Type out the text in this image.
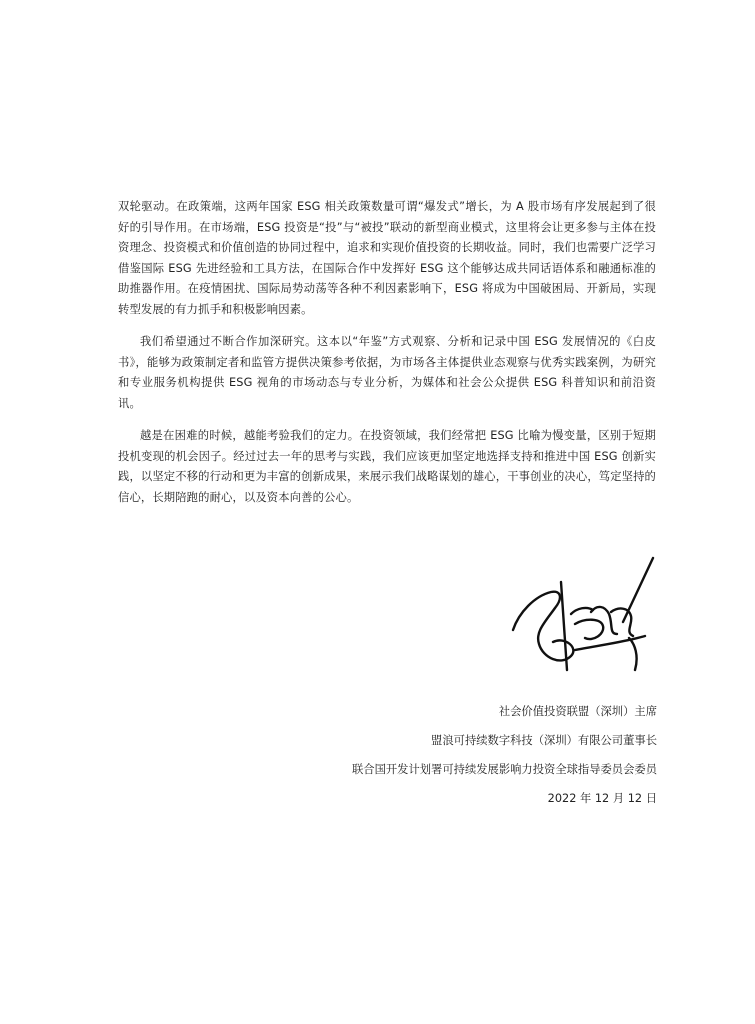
双轮驱动。在政策端，这两年国家 ESG 相关政策数量可谓“爆发式”增长，为 A 股市场有序发展起到了很好的引导作用。在市场端，ESG 投资是“投”与“被投”联动的新型商业模式，这里将会让更多参与主体在投资理念、投资模式和价值创造的协同过程中，追求和实现价值投资的长期收益。同时，我们也需要广泛学习借鉴国际 ESG 先进经验和工具方法，在国际合作中发挥好 ESG 这个能够达成共同话语体系和融通标准的助推器作用。在疫情困扰、国际局势动荡等各种不利因素影响下，ESG 将成为中国破困局、开新局，实现转型发展的有力抓手和积极影响因素。

我们希望通过不断合作加深研究。这本以“年鉴”方式观察、分析和记录中国 ESG 发展情况的《白皮书》，能够为政策制定者和监管方提供决策参考依据，为市场各主体提供业态观察与优秀实践案例，为研究和专业服务机构提供 ESG 视角的市场动态与专业分析，为媒体和社会公众提供 ESG 科普知识和前沿资讯。

越是在困难的时候，越能考验我们的定力。在投资领域，我们经常把 ESG 比喻为慢变量，区别于短期投机变现的机会因子。经过过去一年的思考与实践，我们应该更加坚定地选择支持和推进中国 ESG 创新实践，以坚定不移的行动和更为丰富的创新成果，来展示我们战略谋划的雄心，干事创业的决心，笃定坚持的信心，长期陪跑的耐心，以及资本向善的公心。

社会价值投资联盟（深圳）主席

盟浪可持续数字科技（深圳）有限公司董事长

联合国开发计划署可持续发展影响力投资全球指导委员会委员

2022 年 12 月 12 日
